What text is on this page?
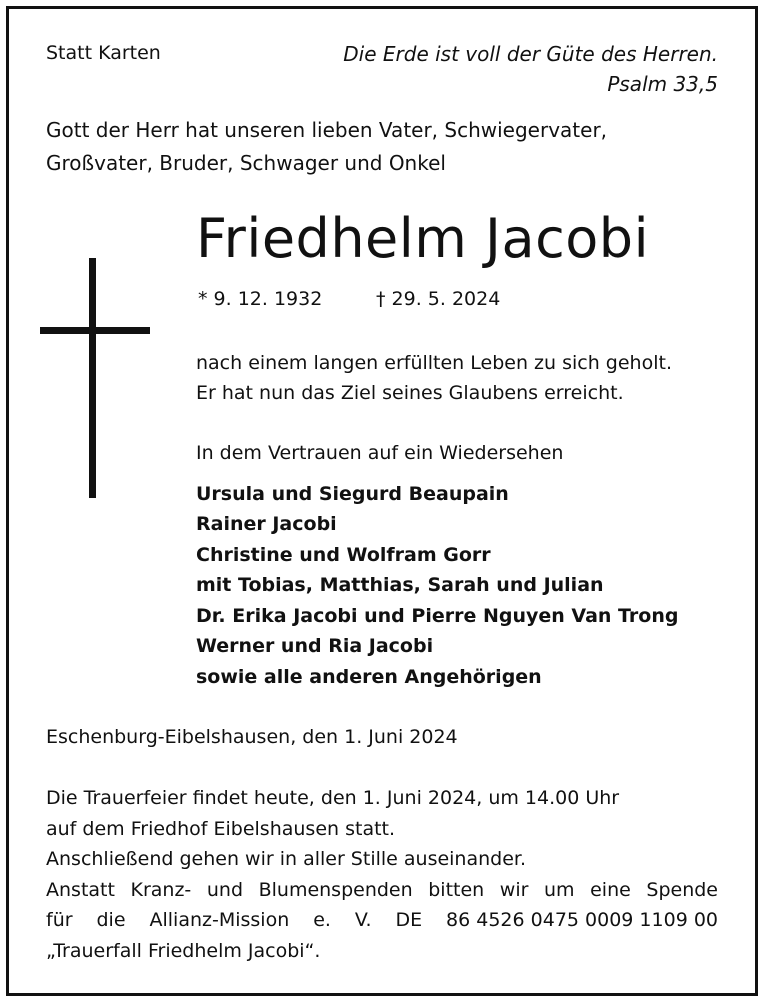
Statt Karten	Die Erde ist voll der Güte des Herren.
Psalm 33,5
Gott der Herr hat unseren lieben Vater, Schwiegervater,
Großvater, Bruder, Schwager und Onkel
Friedhelm Jacobi
* 9. 12. 1932	† 29. 5. 2024
nach einem langen erfüllten Leben zu sich geholt.
Er hat nun das Ziel seines Glaubens erreicht.
In dem Vertrauen auf ein Wiedersehen
Ursula und Siegurd Beaupain
Rainer Jacobi
Christine und Wolfram Gorr
mit Tobias, Matthias, Sarah und Julian
Dr. Erika Jacobi und Pierre Nguyen Van Trong
Werner und Ria Jacobi
sowie alle anderen Angehörigen
Eschenburg-Eibelshausen, den 1. Juni 2024
Die Trauerfeier findet heute, den 1. Juni 2024, um 14.00 Uhr
auf dem Friedhof Eibelshausen statt.
Anschließend gehen wir in aller Stille auseinander.
Anstatt Kranz- und Blumenspenden bitten wir um eine Spende
für die Allianz-Mission e. V. DE 86 4526 0475 0009 1109 00
„Trauerfall Friedhelm Jacobi“.
